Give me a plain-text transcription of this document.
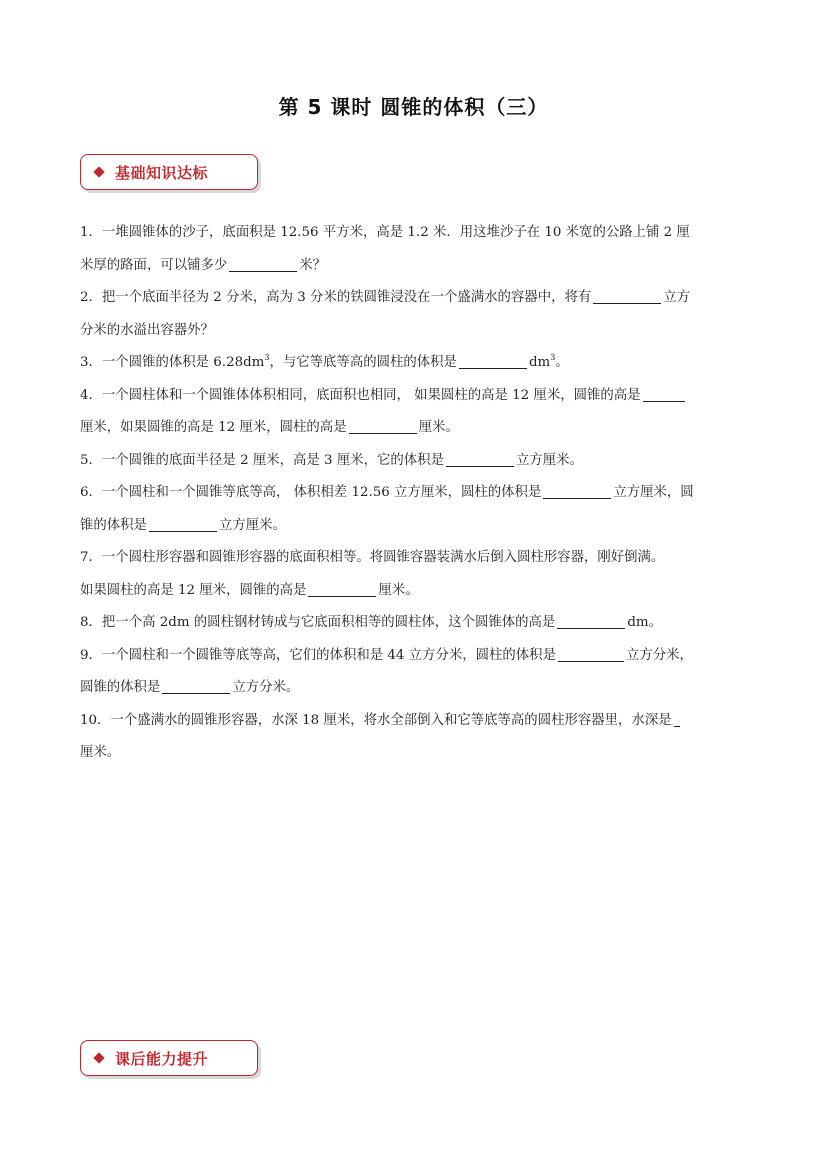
第 5 课时 圆锥的体积（三）
基础知识达标
1．一堆圆锥体的沙子，底面积是 12.56 平方米，高是 1.2 米．用这堆沙子在 10 米宽的公路上铺 2 厘
米厚的路面，可以铺多少	米？
2．把一个底面半径为 2 分米，高为 3 分米的铁圆锥浸没在一个盛满水的容器中，将有	立方
分米的水溢出容器外？
3．一个圆锥的体积是 $6.28dm^3$，与它等底等高的圆柱的体积是	$dm^3$。
4．一个圆柱体和一个圆锥体体积相同，底面积也相同， 如果圆柱的高是 12 厘米，圆锥的高是
厘米，如果圆锥的高是 12 厘米，圆柱的高是	厘米。
5．一个圆锥的底面半径是 2 厘米，高是 3 厘米，它的体积是	立方厘米。
6．一个圆柱和一个圆锥等底等高， 体积相差 12.56 立方厘米，圆柱的体积是	立方厘米，圆
锥的体积是	立方厘米。
7．一个圆柱形容器和圆锥形容器的底面积相等。将圆锥容器装满水后倒入圆柱形容器，刚好倒满。
如果圆柱的高是 12 厘米，圆锥的高是	厘米。
8．把一个高 2dm 的圆柱钢材铸成与它底面积相等的圆柱体，这个圆锥体的高是	dm。
9．一个圆柱和一个圆锥等底等高，它们的体积和是 44 立方分米，圆柱的体积是	立方分米，
圆锥的体积是	立方分米。
10．一个盛满水的圆锥形容器，水深 18 厘米，将水全部倒入和它等底等高的圆柱形容器里，水深是
厘米。
课后能力提升
